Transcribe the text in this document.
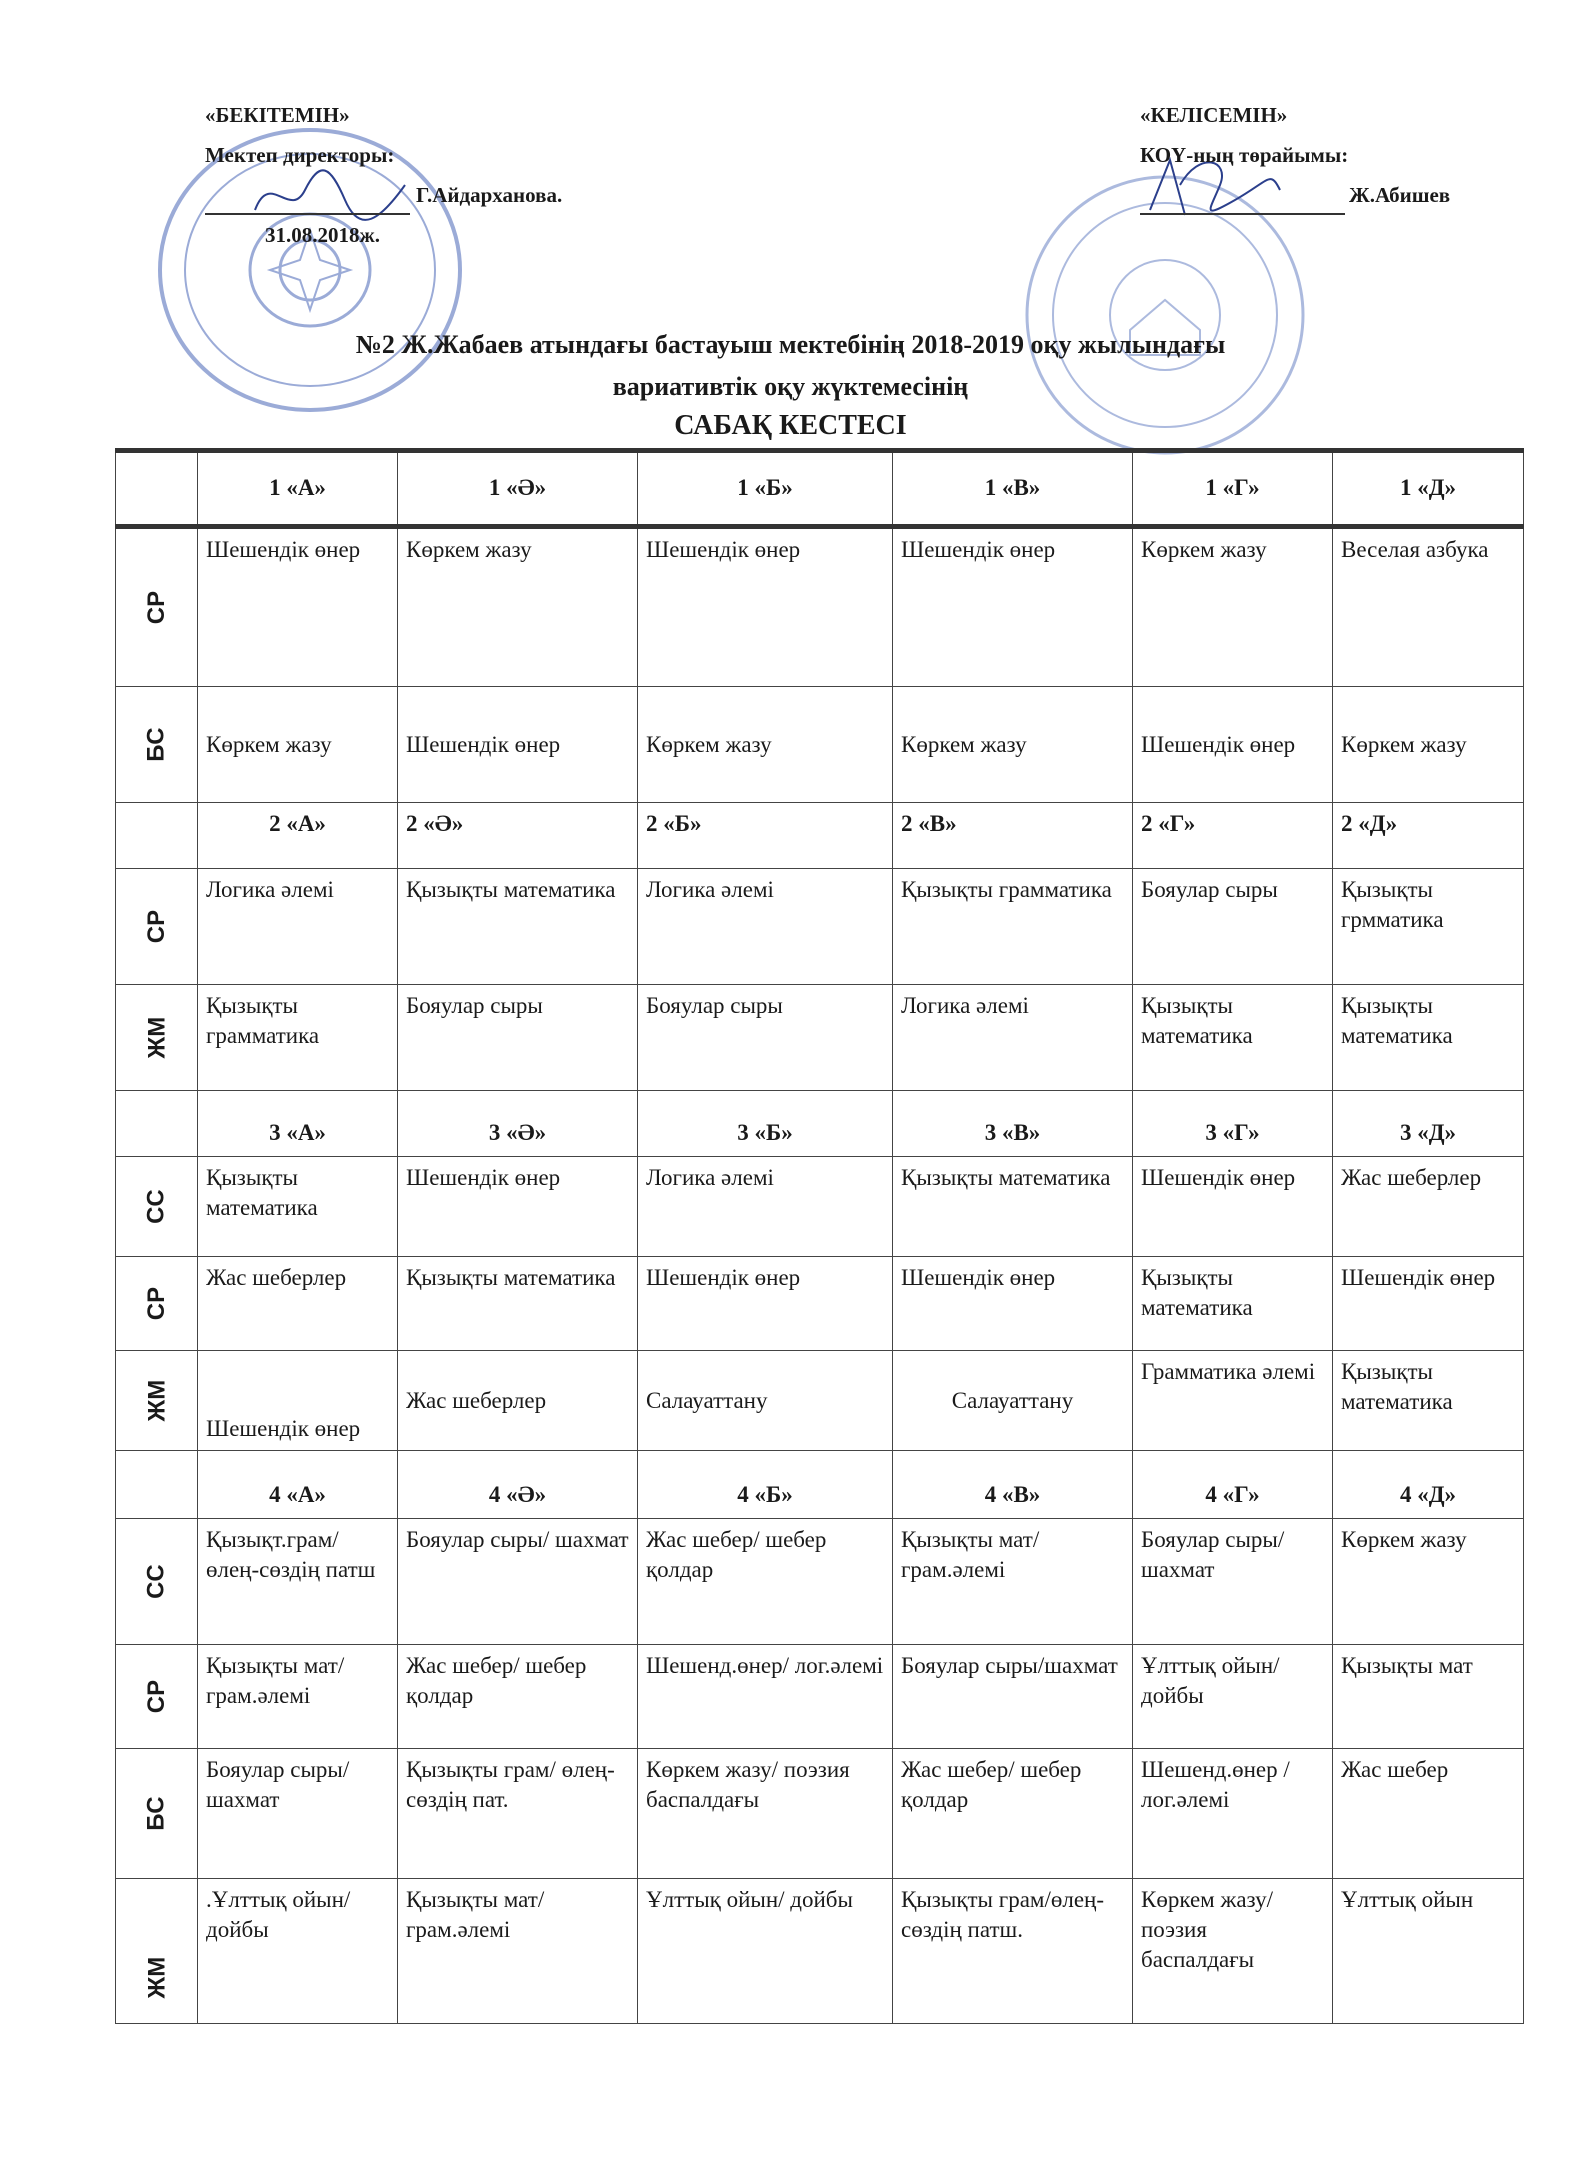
«БЕКІТЕМІН»
Мектеп директоры:
Г.Айдарханова.
31.08.2018ж.
«КЕЛІСЕМІН»
КОҮ-ның төрайымы:
Ж.Абишев
№2 Ж.Жабаев атындағы бастауыш мектебінің 2018-2019 оқу жылындағы
вариативтік оқу жүктемесінің
САБАҚ КЕСТЕСІ
	1 «А»	1 «Ә»	1 «Б»	1 «В»	1 «Г»	1 «Д»
СР	Шешендік өнер	Көркем жазу	Шешендік өнер	Шешендік өнер	Көркем жазу	Веселая азбука
БС	Көркем жазу	Шешендік өнер	Көркем жазу	Көркем жазу	Шешендік өнер	Көркем жазу
	2 «А»	2 «Ә»	2 «Б»	2 «В»	2 «Г»	2 «Д»
СР	Логика әлемі	Қызықты математика	Логика әлемі	Қызықты грамматика	Бояулар сыры	Қызықты грмматика
ЖМ	Қызықты грамматика	Бояулар сыры	Бояулар сыры	Логика әлемі	Қызықты математика	Қызықты математика
	3 «А»	3 «Ә»	3 «Б»	3 «В»	3 «Г»	3 «Д»
СС	Қызықты математика	Шешендік өнер	Логика әлемі	Қызықты математика	Шешендік өнер	Жас шеберлер
СР	Жас шеберлер	Қызықты математика	Шешендік өнер	Шешендік өнер	Қызықты математика	Шешендік өнер
ЖМ	Шешендік өнер	Жас шеберлер	Салауаттану	Салауаттану	Грамматика әлемі	Қызықты математика
	4 «А»	4 «Ә»	4 «Б»	4 «В»	4 «Г»	4 «Д»
СС	Қызықт.грам/ өлең-сөздің патш	Бояулар сыры/ шахмат	Жас шебер/ шебер қолдар	Қызықты мат/ грам.әлемі	Бояулар сыры/ шахмат	Көркем жазу
СР	Қызықты мат/ грам.әлемі	Жас шебер/ шебер қолдар	Шешенд.өнер/ лог.әлемі	Бояулар сыры/шахмат	Ұлттық ойын/ дойбы	Қызықты мат
БС	Бояулар сыры/ шахмат	Қызықты грам/ өлең-сөздің пат.	Көркем жазу/ поэзия баспалдағы	Жас шебер/ шебер қолдар	Шешенд.өнер /лог.әлемі	Жас шебер
ЖМ	.Ұлттық ойын/ дойбы	Қызықты мат/ грам.әлемі	Ұлттық ойын/ дойбы	Қызықты грам/өлең-сөздің патш.	Көркем жазу/ поэзия баспалдағы	Ұлттық ойын
